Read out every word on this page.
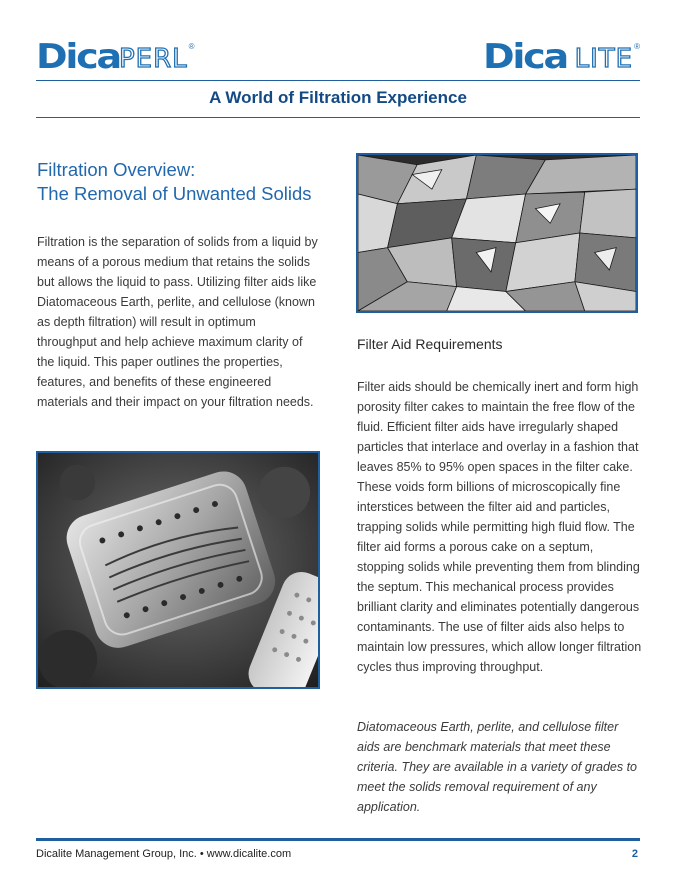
Dica PERL ®	Dica LITE ®
A World of Filtration Experience
Filtration Overview:
The Removal of Unwanted Solids

Filtration is the separation of solids from a liquid by means of a porous medium that retains the solids but allows the liquid to pass. Utilizing filter aids like Diatomaceous Earth, perlite, and cellulose (known as depth filtration) will result in optimum throughput and help achieve maximum clarity of the liquid. This paper outlines the properties, features, and benefits of these engineered materials and their impact on your filtration needs.

Filter Aid Requirements

Filter aids should be chemically inert and form high porosity filter cakes to maintain the free flow of the fluid. Efficient filter aids have irregularly shaped particles that interlace and overlay in a fashion that leaves 85% to 95% open spaces in the filter cake. These voids form billions of microscopically fine interstices between the filter aid and particles, trapping solids while permitting high fluid flow. The filter aid forms a porous cake on a septum, stopping solids while preventing them from blinding the septum. This mechanical process provides brilliant clarity and eliminates potentially dangerous contaminants. The use of filter aids also helps to maintain low pressures, which allow longer filtration cycles thus improving throughput.

Diatomaceous Earth, perlite, and cellulose filter aids are benchmark materials that meet these criteria. They are available in a variety of grades to meet the solids removal requirement of any application.

Dicalite Management Group, Inc. • www.dicalite.com	2
